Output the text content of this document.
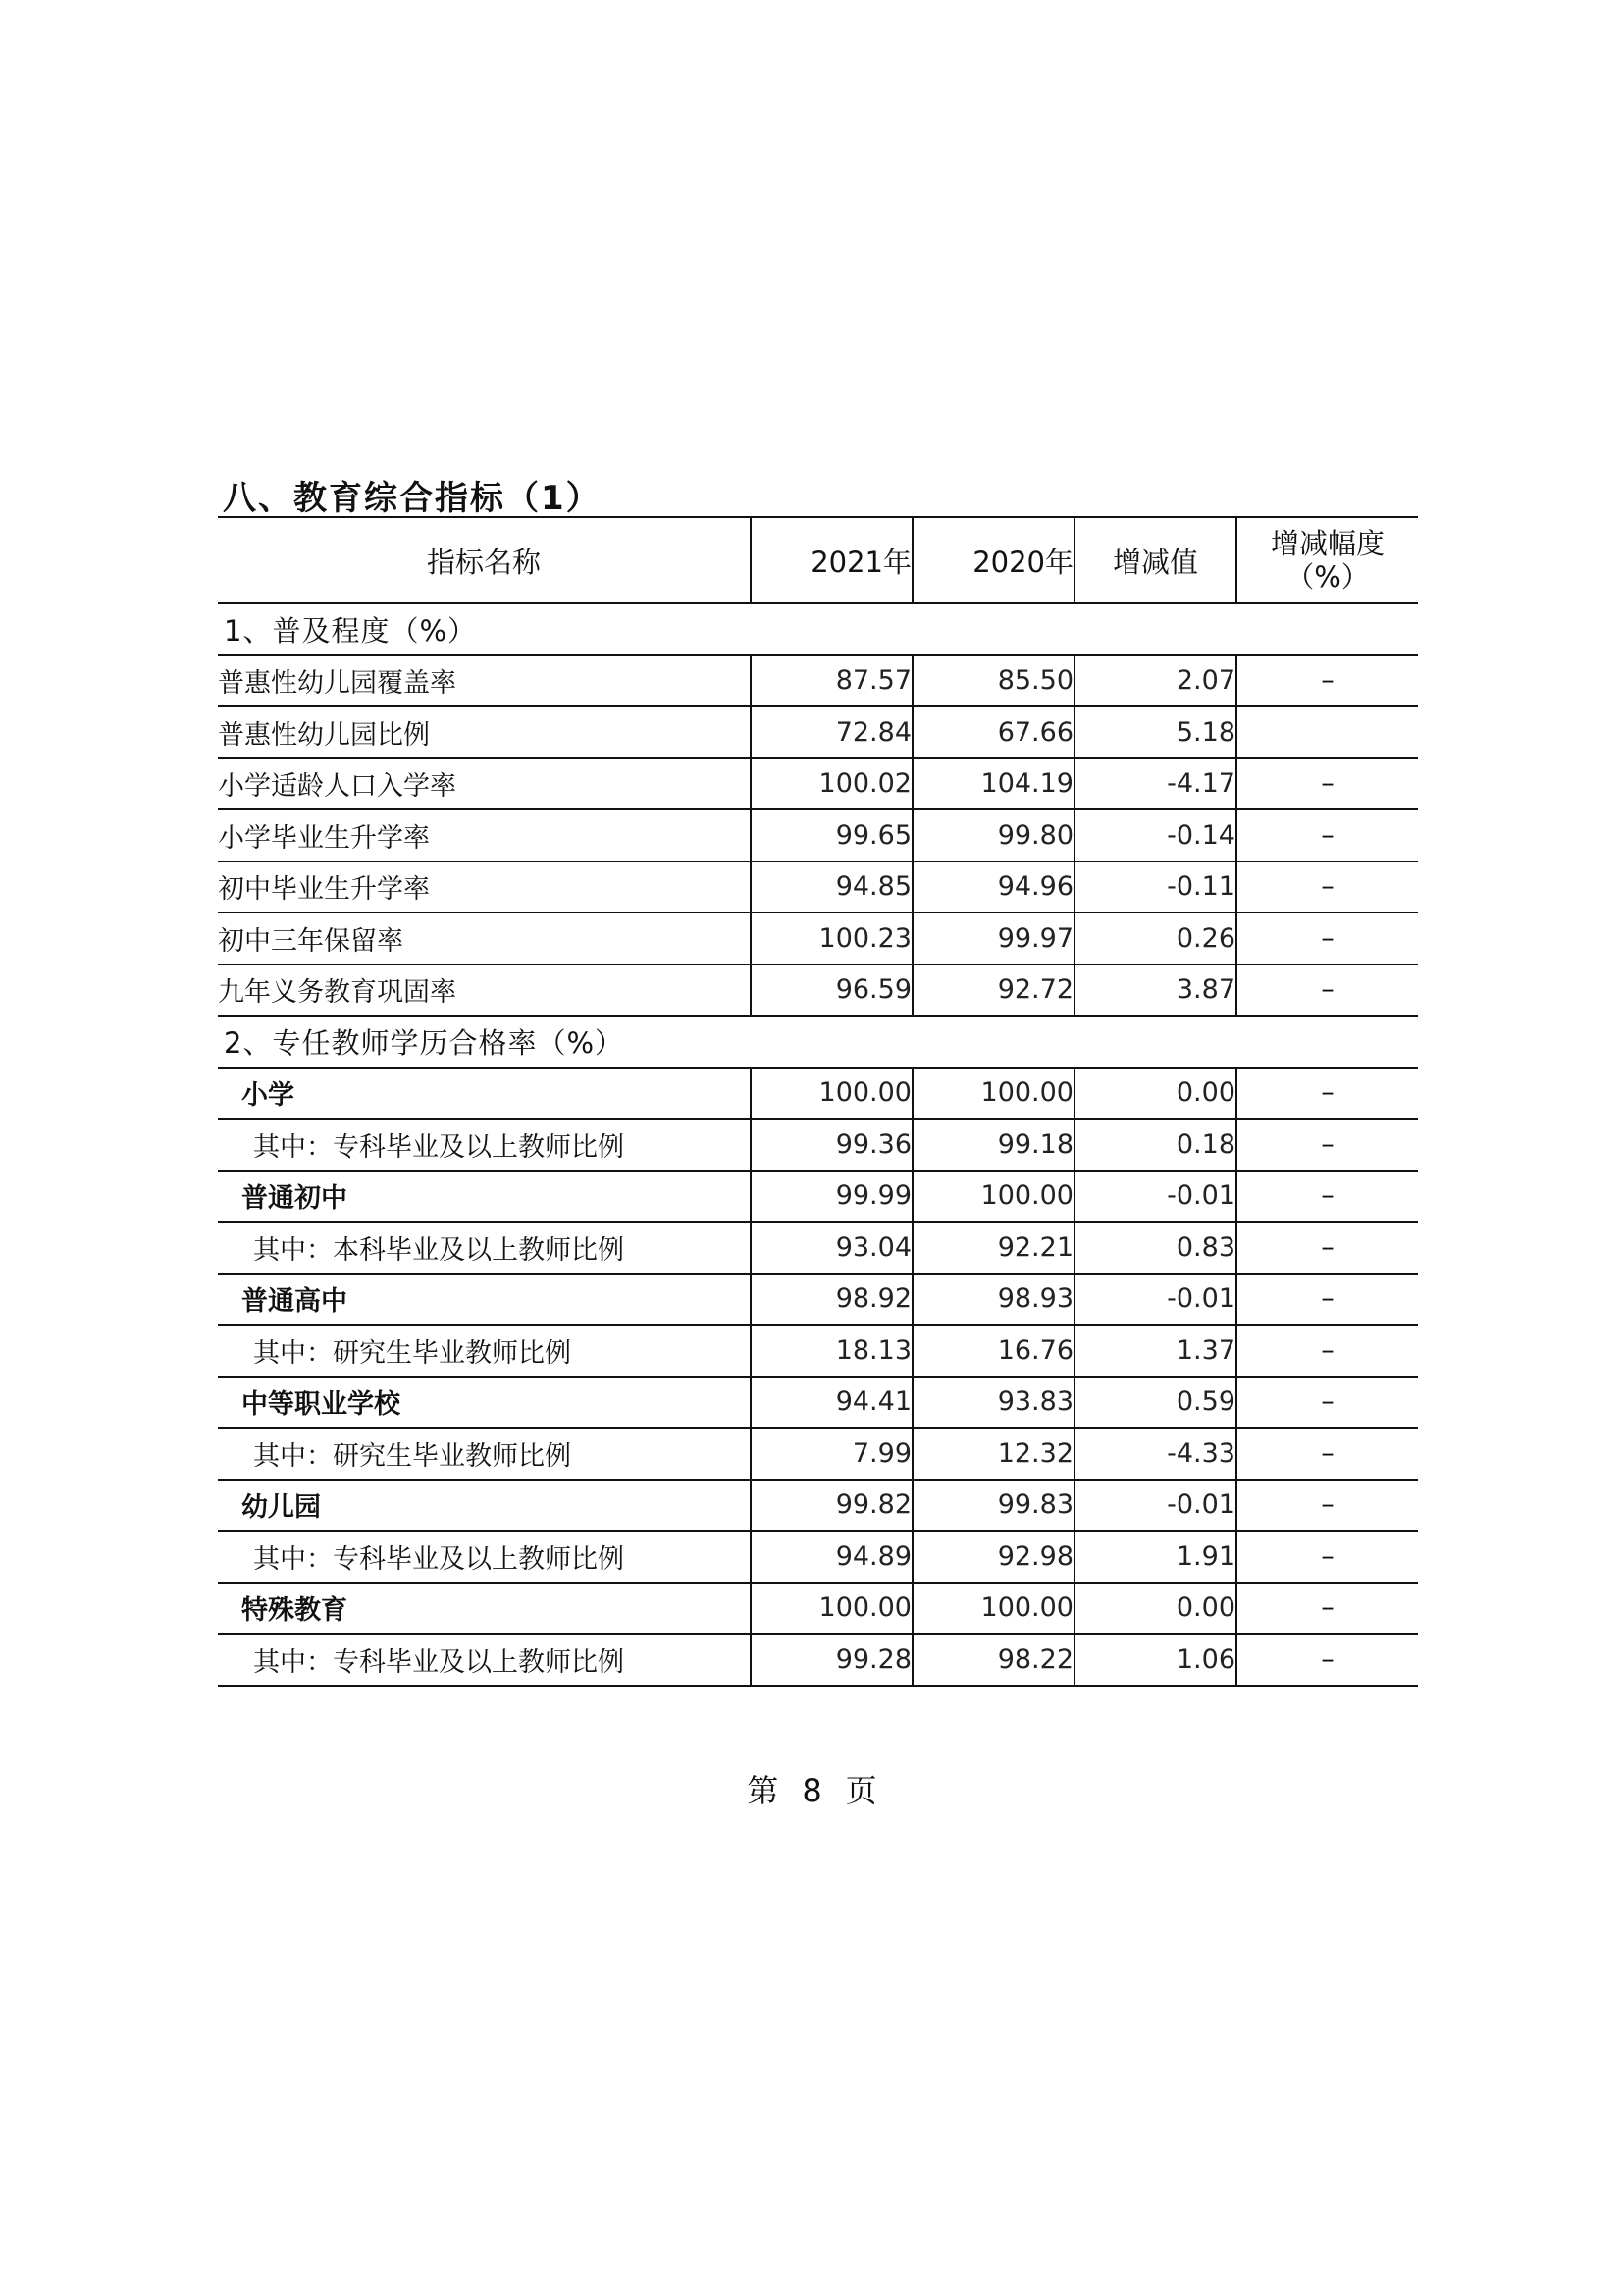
八、教育综合指标（1）
指标名称	2021年	2020年	增减值	增减幅度
（%）

1、普及程度（%）				
普惠性幼儿园覆盖率	87.57	85.50	2.07	–
普惠性幼儿园比例	72.84	67.66	5.18	
小学适龄人口入学率	100.02	104.19	-4.17	–
小学毕业生升学率	99.65	99.80	-0.14	–
初中毕业生升学率	94.85	94.96	-0.11	–
初中三年保留率	100.23	99.97	0.26	–
九年义务教育巩固率	96.59	92.72	3.87	–
2、专任教师学历合格率（%）				
小学	100.00	100.00	0.00	–
其中：专科毕业及以上教师比例	99.36	99.18	0.18	–
普通初中	99.99	100.00	-0.01	–
其中：本科毕业及以上教师比例	93.04	92.21	0.83	–
普通高中	98.92	98.93	-0.01	–
其中：研究生毕业教师比例	18.13	16.76	1.37	–
中等职业学校	94.41	93.83	0.59	–
其中：研究生毕业教师比例	7.99	12.32	-4.33	–
幼儿园	99.82	99.83	-0.01	–
其中：专科毕业及以上教师比例	94.89	92.98	1.91	–
特殊教育	100.00	100.00	0.00	–
其中：专科毕业及以上教师比例	99.28	98.22	1.06	–
第 8 页
